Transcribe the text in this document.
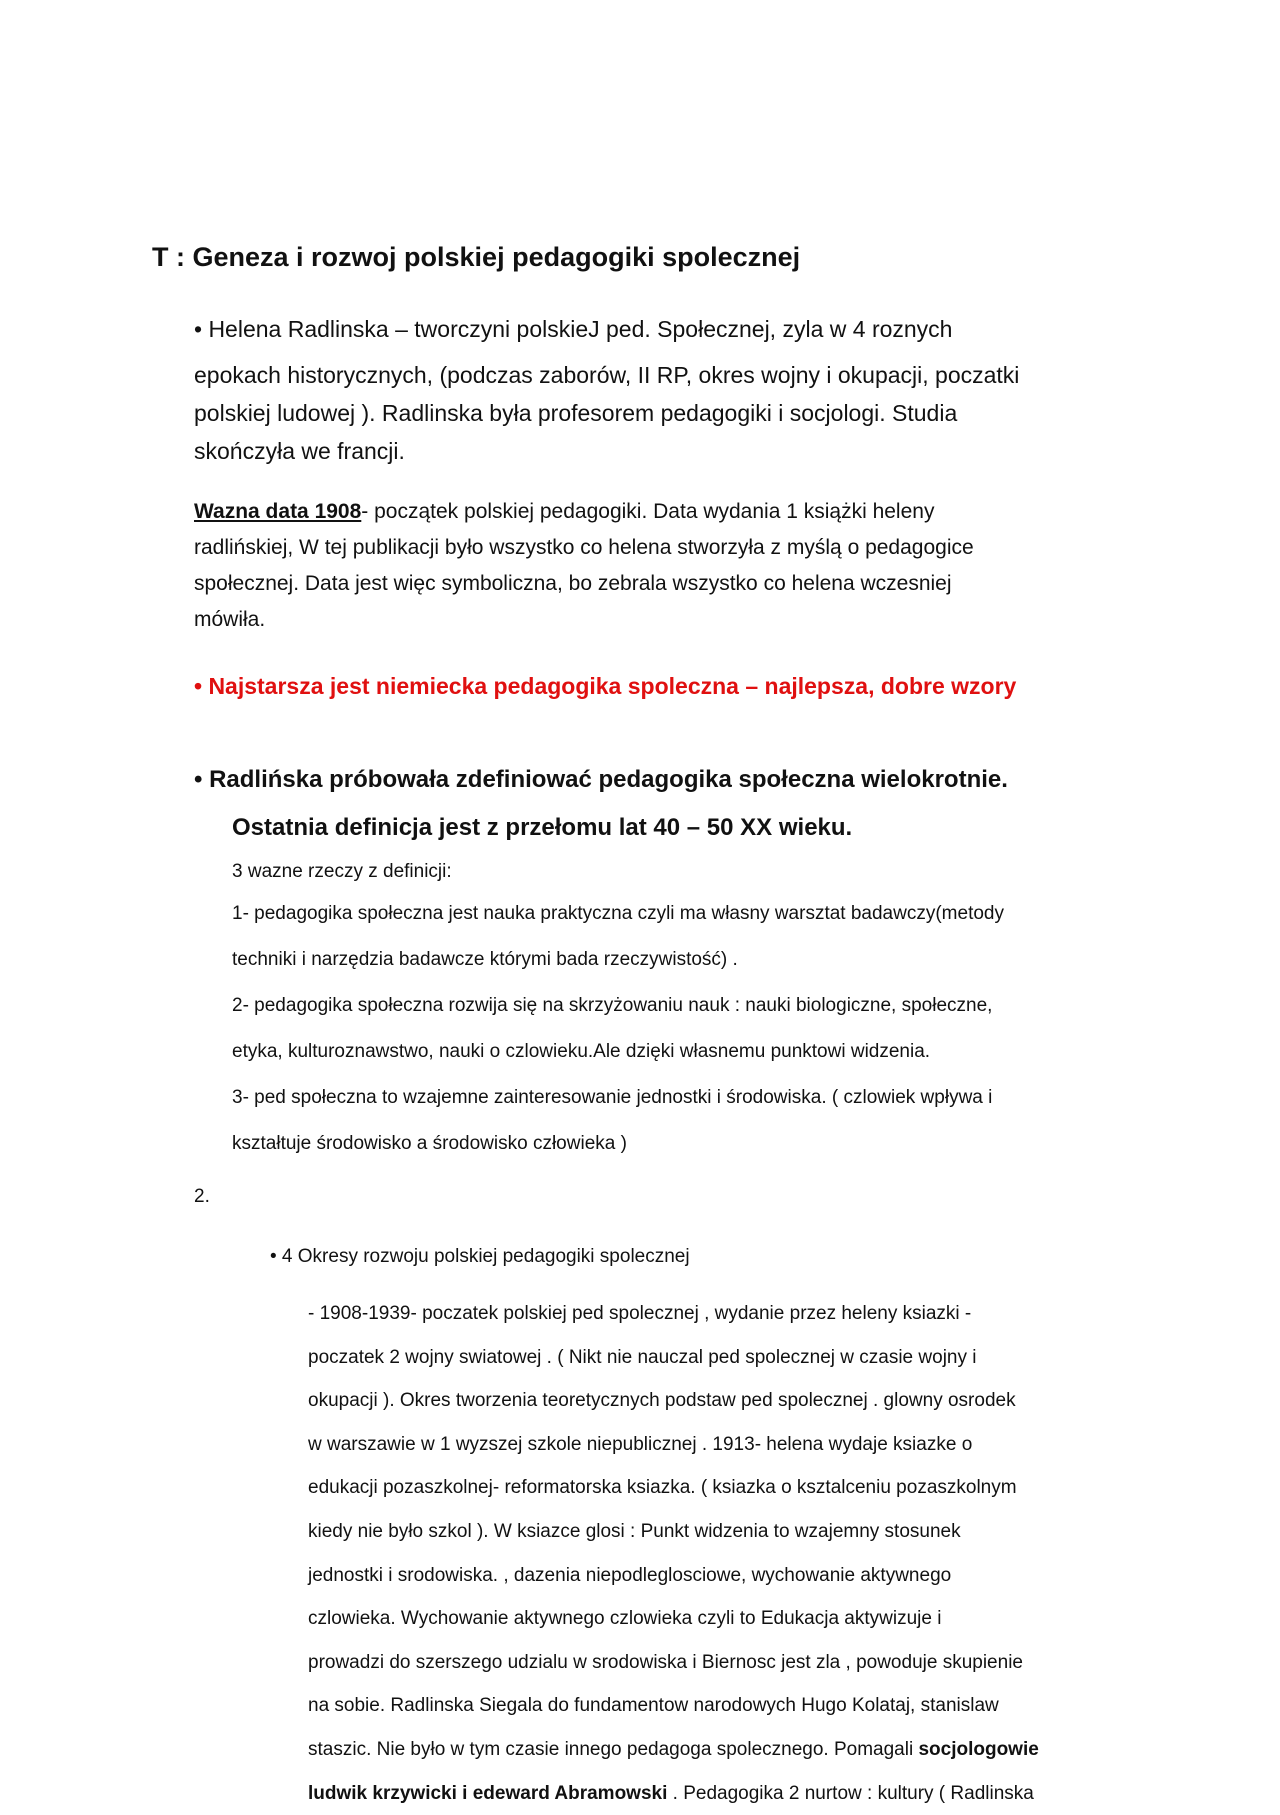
T : Geneza i rozwoj polskiej pedagogiki spolecznej
• Helena Radlinska – tworczyni polskieJ ped. Społecznej, zyla w 4 roznych
epokach historycznych, (podczas zaborów, II RP, okres wojny i okupacji, poczatki
polskiej ludowej ). Radlinska była profesorem pedagogiki i socjologi. Studia
skończyła we francji.
Wazna data 1908- początek polskiej pedagogiki. Data wydania 1 książki heleny
radlińskiej, W tej publikacji było wszystko co helena stworzyła z myślą o pedagogice
społecznej. Data jest więc symboliczna, bo zebrala wszystko co helena wczesniej
mówiła.
• Najstarsza jest niemiecka pedagogika spoleczna – najlepsza, dobre wzory
• Radlińska próbowała zdefiniować pedagogika społeczna wielokrotnie.
Ostatnia definicja jest z przełomu lat 40 – 50 XX wieku.
3 wazne rzeczy z definicji:
1- pedagogika społeczna jest nauka praktyczna czyli ma własny warsztat badawczy(metody
techniki i narzędzia badawcze którymi bada rzeczywistość) .
2- pedagogika społeczna rozwija się na skrzyżowaniu nauk : nauki biologiczne, społeczne,
etyka, kulturoznawstwo, nauki o czlowieku.Ale dzięki własnemu punktowi widzenia.
3- ped społeczna to wzajemne zainteresowanie jednostki i środowiska. ( czlowiek wpływa i
kształtuje środowisko a środowisko człowieka )
2.
• 4 Okresy rozwoju polskiej pedagogiki spolecznej
- 1908-1939- poczatek polskiej ped spolecznej , wydanie przez heleny ksiazki -
poczatek 2 wojny swiatowej . ( Nikt nie nauczal ped spolecznej w czasie wojny i
okupacji ). Okres tworzenia teoretycznych podstaw ped spolecznej . glowny osrodek
w warszawie w 1 wyzszej szkole niepublicznej . 1913- helena wydaje ksiazke o
edukacji pozaszkolnej- reformatorska ksiazka. ( ksiazka o ksztalceniu pozaszkolnym
kiedy nie było szkol ). W ksiazce glosi : Punkt widzenia to wzajemny stosunek
jednostki i srodowiska. , dazenia niepodleglosciowe, wychowanie aktywnego
czlowieka. Wychowanie aktywnego czlowieka czyli to Edukacja aktywizuje i
prowadzi do szerszego udzialu w srodowiska i Biernosc jest zla , powoduje skupienie
na sobie. Radlinska Siegala do fundamentow narodowych Hugo Kolataj, stanislaw
staszic. Nie było w tym czasie innego pedagoga spolecznego. Pomagali socjologowie
ludwik krzywicki i edeward Abramowski . Pedagogika 2 nurtow : kultury ( Radlinska
